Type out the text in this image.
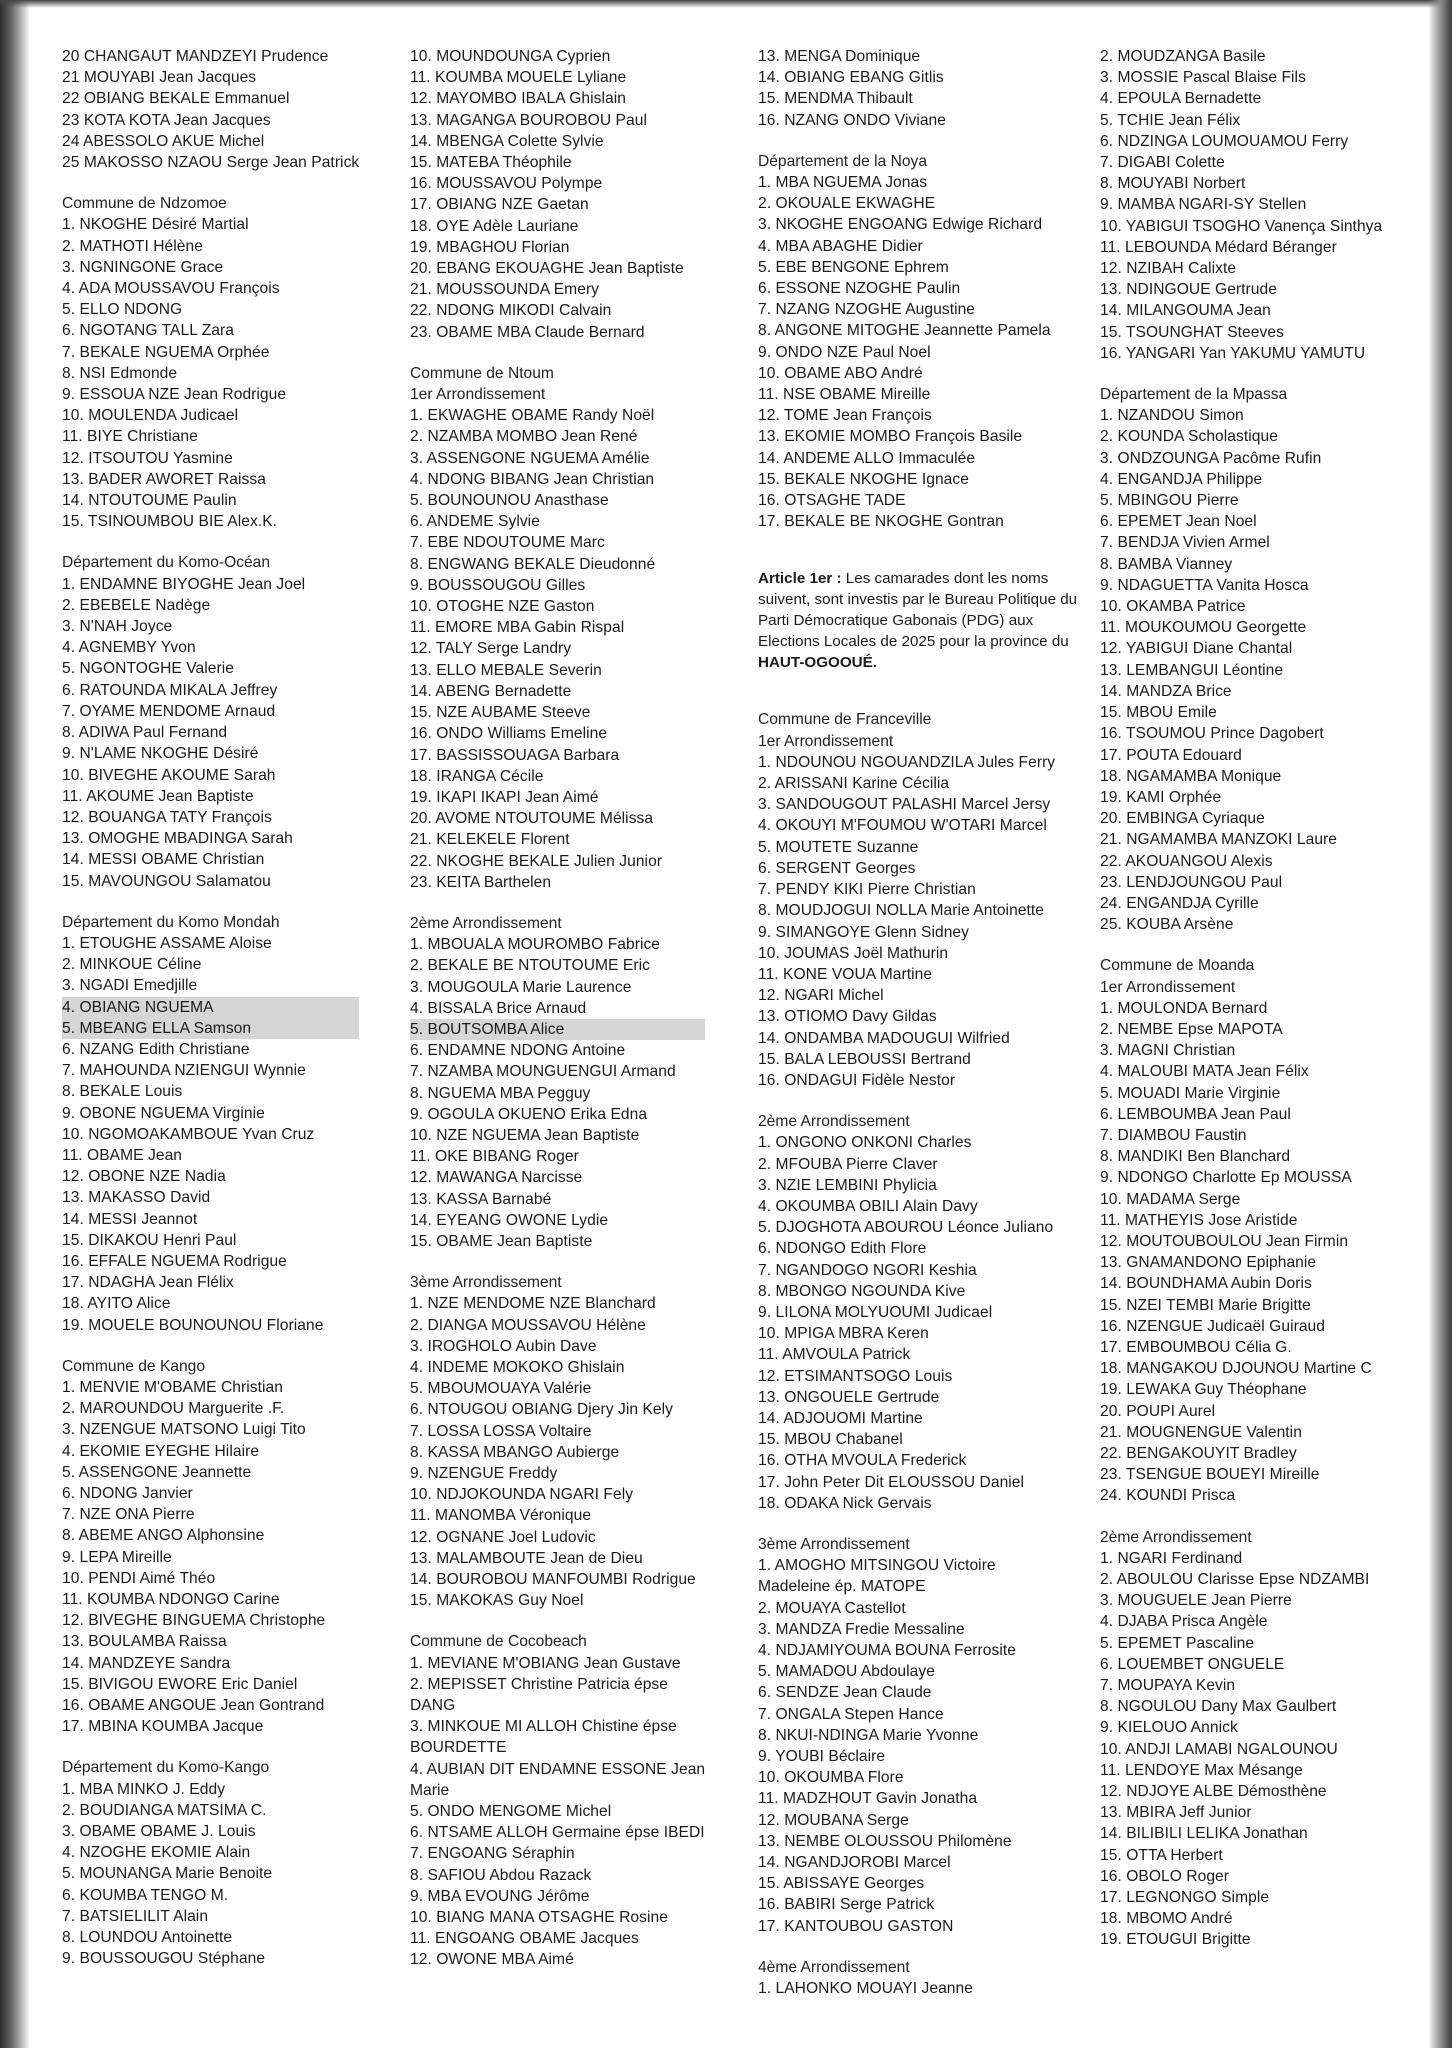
20 CHANGAUT MANDZEYI Prudence
21 MOUYABI Jean Jacques
22 OBIANG BEKALE Emmanuel
23 KOTA KOTA Jean Jacques
24 ABESSOLO AKUE Michel
25 MAKOSSO NZAOU Serge Jean Patrick
Commune de Ndzomoe
1. NKOGHE Désiré Martial
2. MATHOTI Hélène
3. NGNINGONE Grace
4. ADA MOUSSAVOU François
5. ELLO NDONG
6. NGOTANG TALL Zara
7. BEKALE NGUEMA Orphée
8. NSI Edmonde
9. ESSOUA NZE Jean Rodrigue
10. MOULENDA Judicael
11. BIYE Christiane
12. ITSOUTOU Yasmine
13. BADER AWORET Raissa
14. NTOUTOUME Paulin
15. TSINOUMBOU BIE Alex.K.
Département du Komo-Océan
1. ENDAMNE BIYOGHE Jean Joel
2. EBEBELE Nadège
3. N'NAH Joyce
4. AGNEMBY Yvon
5. NGONTOGHE Valerie
6. RATOUNDA MIKALA Jeffrey
7. OYAME MENDOME Arnaud
8. ADIWA Paul Fernand
9. N'LAME NKOGHE Désiré
10. BIVEGHE AKOUME Sarah
11. AKOUME Jean Baptiste
12. BOUANGA TATY François
13. OMOGHE MBADINGA Sarah
14. MESSI OBAME Christian
15. MAVOUNGOU Salamatou
Département du Komo Mondah
1. ETOUGHE ASSAME Aloise
2. MINKOUE Céline
3. NGADI Emedjille
4. OBIANG NGUEMA
5. MBEANG ELLA Samson
6. NZANG Edith Christiane
7. MAHOUNDA NZIENGUI Wynnie
8. BEKALE Louis
9. OBONE NGUEMA Virginie
10. NGOMOAKAMBOUE Yvan Cruz
11. OBAME Jean
12. OBONE NZE Nadia
13. MAKASSO David
14. MESSI Jeannot
15. DIKAKOU Henri Paul
16. EFFALE NGUEMA Rodrigue
17. NDAGHA Jean Flélix
18. AYITO Alice
19. MOUELE BOUNOUNOU Floriane
Commune de Kango
1. MENVIE M'OBAME Christian
2. MAROUNDOU Marguerite .F.
3. NZENGUE MATSONO Luigi Tito
4. EKOMIE EYEGHE Hilaire
5. ASSENGONE Jeannette
6. NDONG Janvier
7. NZE ONA Pierre
8. ABEME ANGO Alphonsine
9. LEPA Mireille
10. PENDI Aimé Théo
11. KOUMBA NDONGO Carine
12. BIVEGHE BINGUEMA Christophe
13. BOULAMBA Raissa
14. MANDZEYE Sandra
15. BIVIGOU EWORE Eric Daniel
16. OBAME ANGOUE Jean Gontrand
17. MBINA KOUMBA Jacque
Département du Komo-Kango
1. MBA MINKO J. Eddy
2. BOUDIANGA MATSIMA C.
3. OBAME OBAME J. Louis
4. NZOGHE EKOMIE Alain
5. MOUNANGA Marie Benoite
6. KOUMBA TENGO M.
7. BATSIELILIT Alain
8. LOUNDOU Antoinette
9. BOUSSOUGOU Stéphane
10. MOUNDOUNGA Cyprien
11. KOUMBA MOUELE Lyliane
12. MAYOMBO IBALA Ghislain
13. MAGANGA BOUROBOU Paul
14. MBENGA Colette Sylvie
15. MATEBA Théophile
16. MOUSSAVOU Polympe
17. OBIANG NZE Gaetan
18. OYE Adèle Lauriane
19. MBAGHOU Florian
20. EBANG EKOUAGHE Jean Baptiste
21. MOUSSOUNDA Emery
22. NDONG MIKODI Calvain
23. OBAME MBA Claude Bernard
Commune de Ntoum
1er Arrondissement
1. EKWAGHE OBAME Randy Noël
2. NZAMBA MOMBO Jean René
3. ASSENGONE NGUEMA Amélie
4. NDONG BIBANG Jean Christian
5. BOUNOUNOU Anasthase
6. ANDEME Sylvie
7. EBE NDOUTOUME Marc
8. ENGWANG BEKALE Dieudonné
9. BOUSSOUGOU Gilles
10. OTOGHE NZE Gaston
11. EMORE MBA Gabin Rispal
12. TALY Serge Landry
13. ELLO MEBALE Severin
14. ABENG Bernadette
15. NZE AUBAME Steeve
16. ONDO Williams Emeline
17. BASSISSOUAGA Barbara
18. IRANGA Cécile
19. IKAPI IKAPI Jean Aimé
20. AVOME NTOUTOUME Mélissa
21. KELEKELE Florent
22. NKOGHE BEKALE Julien Junior
23. KEITA Barthelen
2ème Arrondissement
1. MBOUALA MOUROMBO Fabrice
2. BEKALE BE NTOUTOUME Eric
3. MOUGOULA Marie Laurence
4. BISSALA Brice Arnaud
5. BOUTSOMBA Alice
6. ENDAMNE NDONG Antoine
7. NZAMBA MOUNGUENGUI Armand
8. NGUEMA MBA Pegguy
9. OGOULA OKUENO Erika Edna
10. NZE NGUEMA Jean Baptiste
11. OKE BIBANG Roger
12. MAWANGA Narcisse
13. KASSA Barnabé
14. EYEANG OWONE Lydie
15. OBAME Jean Baptiste
3ème Arrondissement
1. NZE MENDOME NZE Blanchard
2. DIANGA MOUSSAVOU Hélène
3. IROGHOLO Aubin Dave
4. INDEME MOKOKO Ghislain
5. MBOUMOUAYA Valérie
6. NTOUGOU OBIANG Djery Jin Kely
7. LOSSA LOSSA Voltaire
8. KASSA MBANGO Aubierge
9. NZENGUE Freddy
10. NDJOKOUNDA NGARI Fely
11. MANOMBA Véronique
12. OGNANE Joel Ludovic
13. MALAMBOUTE Jean de Dieu
14. BOUROBOU MANFOUMBI Rodrigue
15. MAKOKAS Guy Noel
Commune de Cocobeach
1. MEVIANE M'OBIANG Jean Gustave
2. MEPISSET Christine Patricia épse
DANG
3. MINKOUE MI ALLOH Chistine épse
BOURDETTE
4. AUBIAN DIT ENDAMNE ESSONE Jean
Marie
5. ONDO MENGOME Michel
6. NTSAME ALLOH Germaine épse IBEDI
7. ENGOANG Séraphin
8. SAFIOU Abdou Razack
9. MBA EVOUNG Jérôme
10. BIANG MANA OTSAGHE Rosine
11. ENGOANG OBAME Jacques
12. OWONE MBA Aimé
13. MENGA Dominique
14. OBIANG EBANG Gitlis
15. MENDMA Thibault
16. NZANG ONDO Viviane
Département de la Noya
1. MBA NGUEMA Jonas
2. OKOUALE EKWAGHE
3. NKOGHE ENGOANG Edwige Richard
4. MBA ABAGHE Didier
5. EBE BENGONE Ephrem
6. ESSONE NZOGHE Paulin
7. NZANG NZOGHE Augustine
8. ANGONE MITOGHE Jeannette Pamela
9. ONDO NZE Paul Noel
10. OBAME ABO André
11. NSE OBAME Mireille
12. TOME Jean François
13. EKOMIE MOMBO François Basile
14. ANDEME ALLO Immaculée
15. BEKALE NKOGHE Ignace
16. OTSAGHE TADE
17. BEKALE BE NKOGHE Gontran
Article 1er : Les camarades dont les noms suivent, sont investis par le Bureau Politique du Parti Démocratique Gabonais (PDG) aux Elections Locales de 2025 pour la province du HAUT-OGOOUÉ.
Commune de Franceville
1er Arrondissement
1. NDOUNOU NGOUANDZILA Jules Ferry
2. ARISSANI Karine Cécilia
3. SANDOUGOUT PALASHI Marcel Jersy
4. OKOUYI M'FOUMOU W'OTARI Marcel
5. MOUTETE Suzanne
6. SERGENT Georges
7. PENDY KIKI Pierre Christian
8. MOUDJOGUI NOLLA Marie Antoinette
9. SIMANGOYE Glenn Sidney
10. JOUMAS Joël Mathurin
11. KONE VOUA Martine
12. NGARI Michel
13. OTIOMO Davy Gildas
14. ONDAMBA MADOUGUI Wilfried
15. BALA LEBOUSSI Bertrand
16. ONDAGUI Fidèle Nestor
2ème Arrondissement
1. ONGONO ONKONI Charles
2. MFOUBA Pierre Claver
3. NZIE LEMBINI Phylicia
4. OKOUMBA OBILI Alain Davy
5. DJOGHOTA ABOUROU Léonce Juliano
6. NDONGO Edith Flore
7. NGANDOGO NGORI Keshia
8. MBONGO NGOUNDA Kive
9. LILONA MOLYUOUMI Judicael
10. MPIGA MBRA Keren
11. AMVOULA Patrick
12. ETSIMANTSOGO Louis
13. ONGOUELE Gertrude
14. ADJOUOMI Martine
15. MBOU Chabanel
16. OTHA MVOULA Frederick
17. John Peter Dit ELOUSSOU Daniel
18. ODAKA Nick Gervais
3ème Arrondissement
1. AMOGHO MITSINGOU Victoire
Madeleine ép. MATOPE
2. MOUAYA Castellot
3. MANDZA Fredie Messaline
4. NDJAMIYOUMA BOUNA Ferrosite
5. MAMADOU Abdoulaye
6. SENDZE Jean Claude
7. ONGALA Stepen Hance
8. NKUI-NDINGA Marie Yvonne
9. YOUBI Béclaire
10. OKOUMBA Flore
11. MADZHOUT Gavin Jonatha
12. MOUBANA Serge
13. NEMBE OLOUSSOU Philomène
14. NGANDJOROBI Marcel
15. ABISSAYE Georges
16. BABIRI Serge Patrick
17. KANTOUBOU GASTON
4ème Arrondissement
1. LAHONKO MOUAYI Jeanne
2. MOUDZANGA Basile
3. MOSSIE Pascal Blaise Fils
4. EPOULA Bernadette
5. TCHIE Jean Félix
6. NDZINGA LOUMOUAMOU Ferry
7. DIGABI Colette
8. MOUYABI Norbert
9. MAMBA NGARI-SY Stellen
10. YABIGUI TSOGHO Vanença Sinthya
11. LEBOUNDA Médard Béranger
12. NZIBAH Calixte
13. NDINGOUE Gertrude
14. MILANGOUMA Jean
15. TSOUNGHAT Steeves
16. YANGARI Yan YAKUMU YAMUTU
Département de la Mpassa
1. NZANDOU Simon
2. KOUNDA Scholastique
3. ONDZOUNGA Pacôme Rufin
4. ENGANDJA Philippe
5. MBINGOU Pierre
6. EPEMET Jean Noel
7. BENDJA Vivien Armel
8. BAMBA Vianney
9. NDAGUETTA Vanita Hosca
10. OKAMBA Patrice
11. MOUKOUMOU Georgette
12. YABIGUI Diane Chantal
13. LEMBANGUI Léontine
14. MANDZA Brice
15. MBOU Emile
16. TSOUMOU Prince Dagobert
17. POUTA Edouard
18. NGAMAMBA Monique
19. KAMI Orphée
20. EMBINGA Cyriaque
21. NGAMAMBA MANZOKI Laure
22. AKOUANGOU Alexis
23. LENDJOUNGOU Paul
24. ENGANDJA Cyrille
25. KOUBA Arsène
Commune de Moanda
1er Arrondissement
1. MOULONDA Bernard
2. NEMBE Epse MAPOTA
3. MAGNI Christian
4. MALOUBI MATA Jean Félix
5. MOUADI Marie Virginie
6. LEMBOUMBA Jean Paul
7. DIAMBOU Faustin
8. MANDIKI Ben Blanchard
9. NDONGO Charlotte Ep MOUSSA
10. MADAMA Serge
11. MATHEYIS Jose Aristide
12. MOUTOUBOULOU Jean Firmin
13. GNAMANDONO Epiphanie
14. BOUNDHAMA Aubin Doris
15. NZEI TEMBI Marie Brigitte
16. NZENGUE Judicaël Guiraud
17. EMBOUMBOU Célia G.
18. MANGAKOU DJOUNOU Martine C
19. LEWAKA Guy Théophane
20. POUPI Aurel
21. MOUGNENGUE Valentin
22. BENGAKOUYIT Bradley
23. TSENGUE BOUEYI Mireille
24. KOUNDI Prisca
2ème Arrondissement
1. NGARI Ferdinand
2. ABOULOU Clarisse Epse NDZAMBI
3. MOUGUELE Jean Pierre
4. DJABA Prisca Angèle
5. EPEMET Pascaline
6. LOUEMBET ONGUELE
7. MOUPAYA Kevin
8. NGOULOU Dany Max Gaulbert
9. KIELOUO Annick
10. ANDJI LAMABI NGALOUNOU
11. LENDOYE Max Mésange
12. NDJOYE ALBE Démosthène
13. MBIRA Jeff Junior
14. BILIBILI LELIKA Jonathan
15. OTTA Herbert
16. OBOLO Roger
17. LEGNONGO Simple
18. MBOMO André
19. ETOUGUI Brigitte
